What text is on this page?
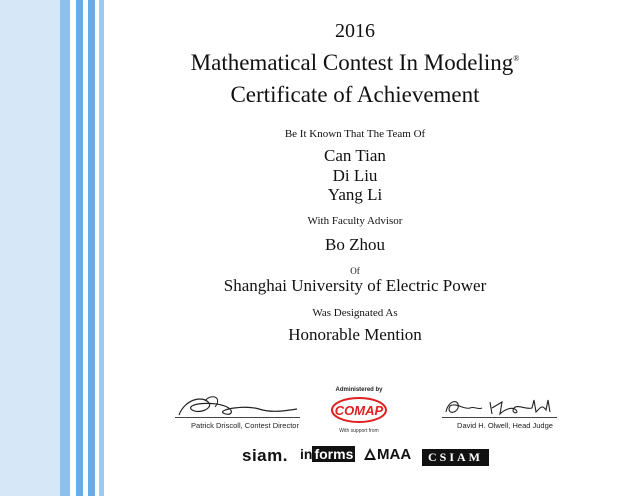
2016
Mathematical Contest In Modeling®
Certificate of Achievement
Be It Known That The Team Of
Can Tian
Di Liu
Yang Li
With Faculty Advisor
Bo Zhou
Of
Shanghai University of Electric Power
Was Designated As
Honorable Mention
Patrick Driscoll, Contest Director
Administered by
COMAP
With support from
David H. Olwell, Head Judge
siam. in forms	MAA	CSIAM
